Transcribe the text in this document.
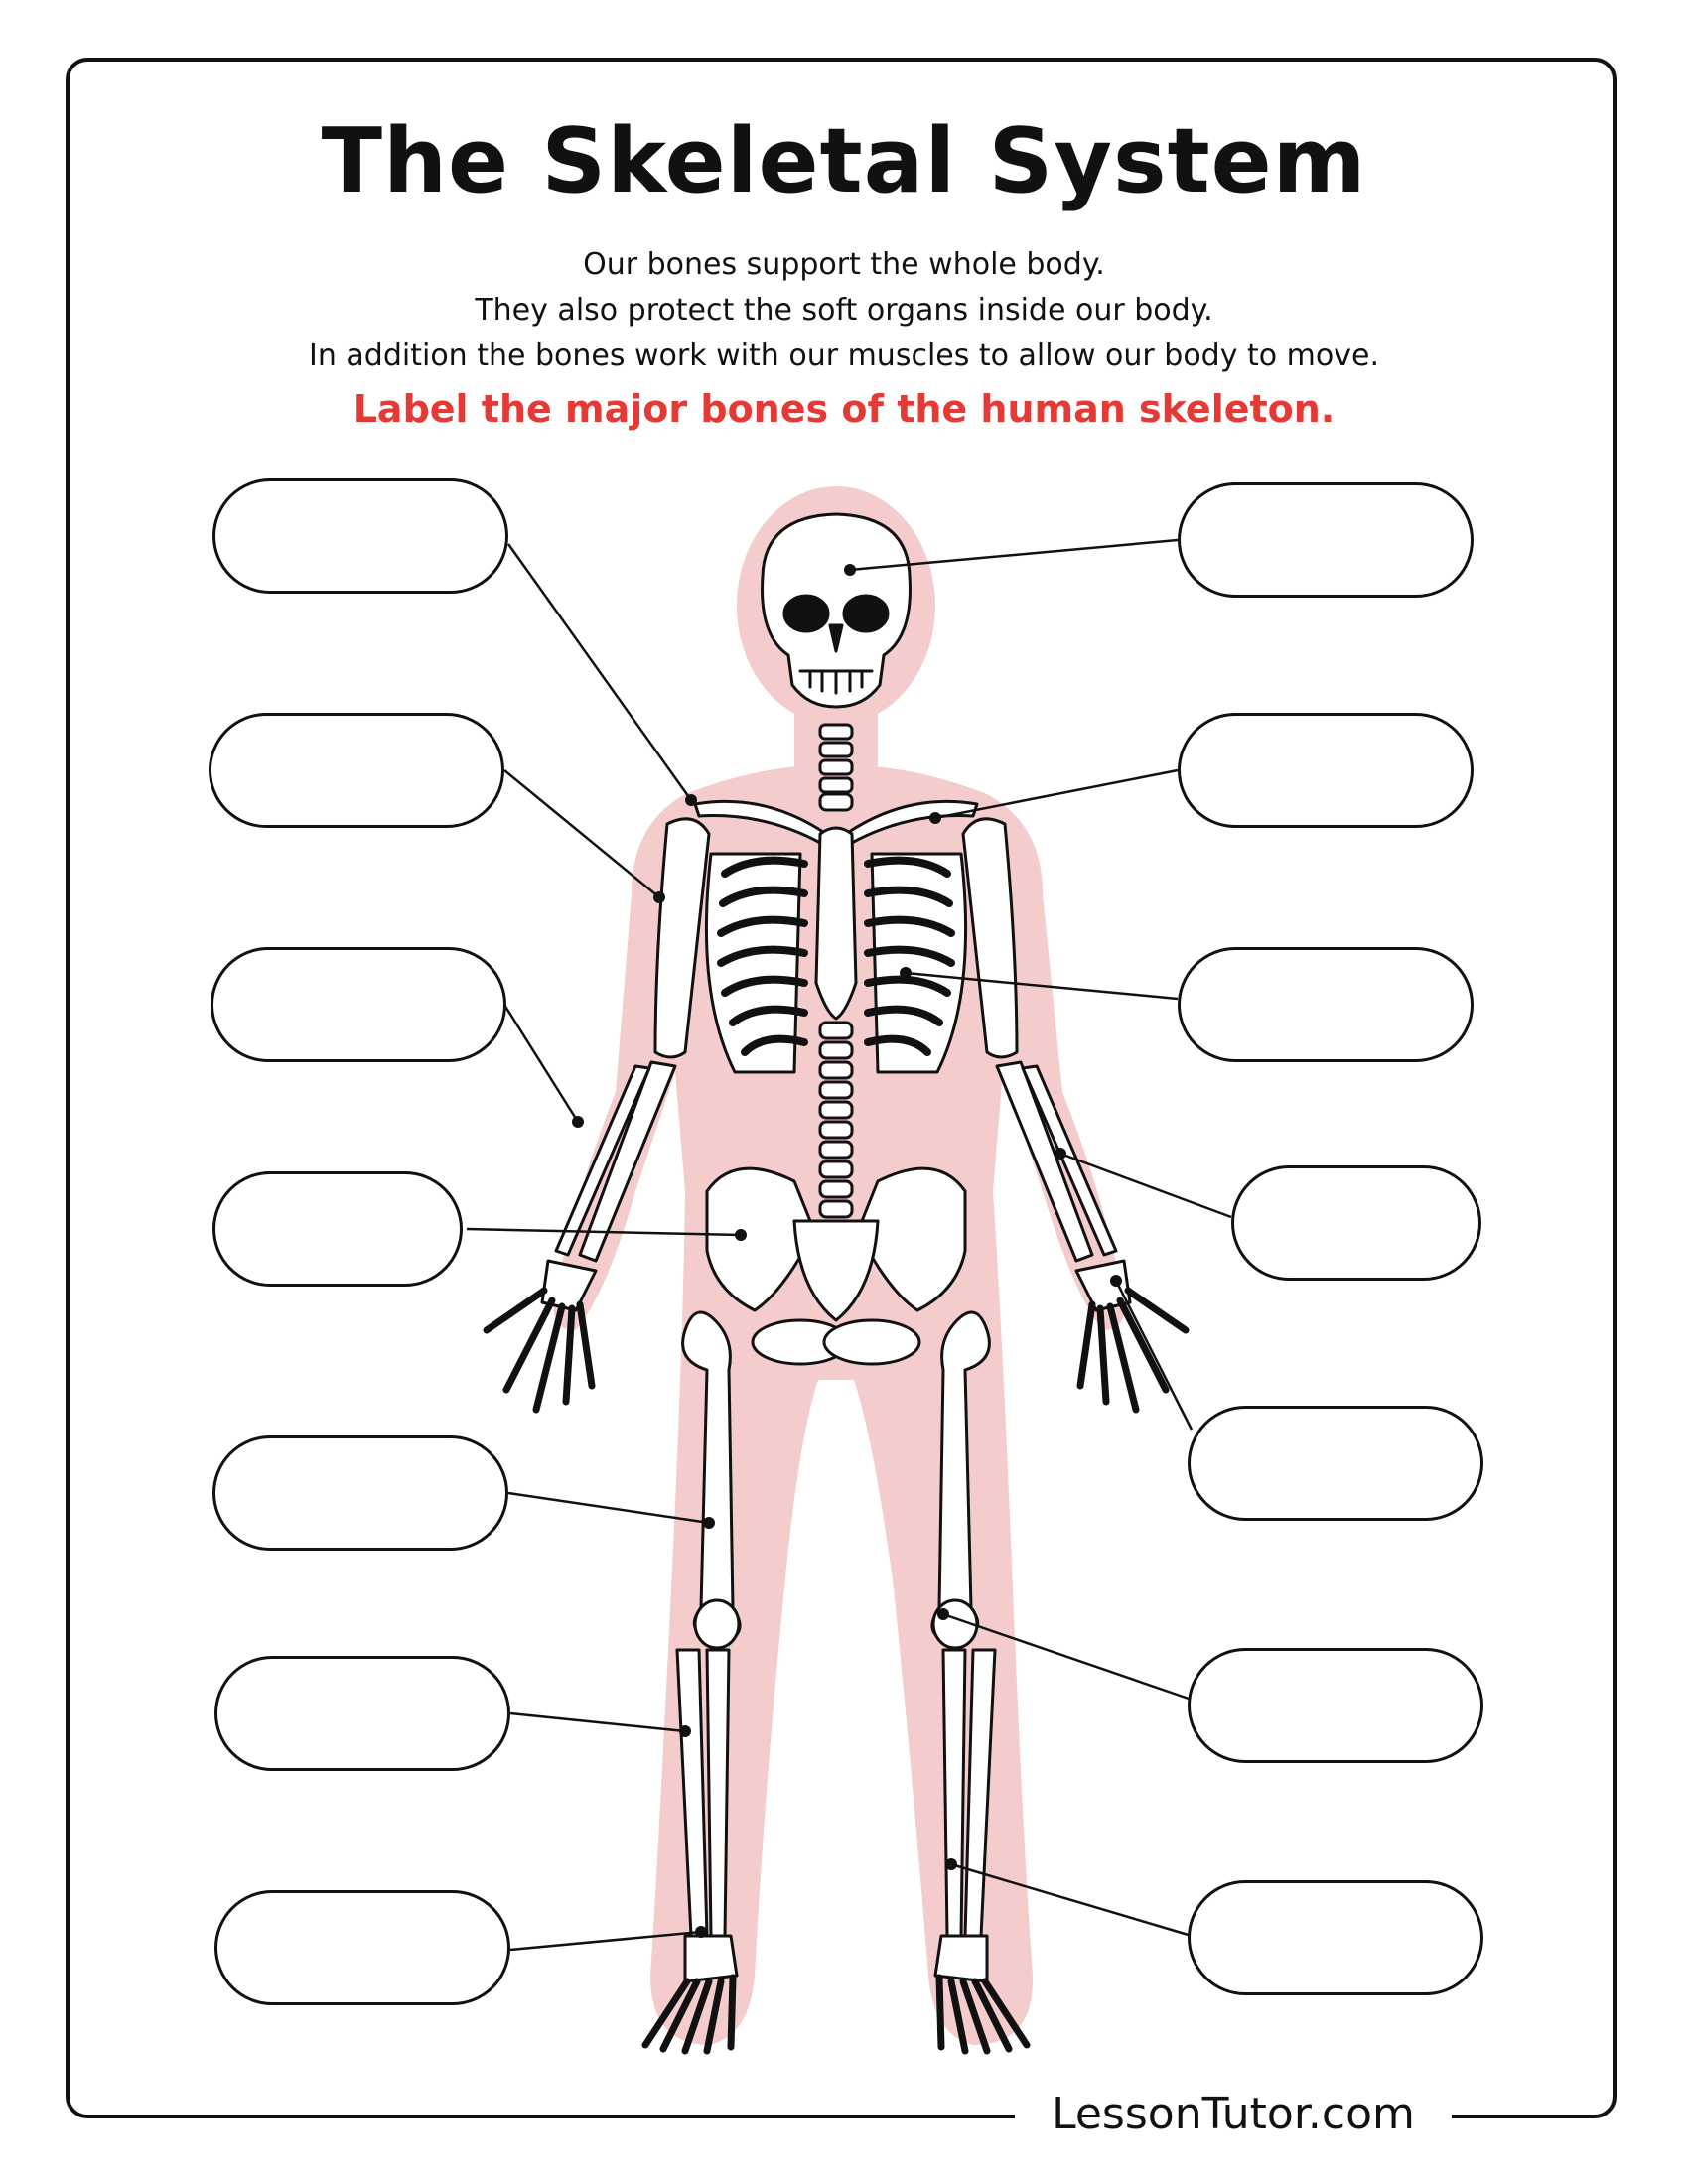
The Skeletal System
Our bones support the whole body.
They also protect the soft organs inside our body.
In addition the bones work with our muscles to allow our body to move.
Label the major bones of the human skeleton.
LessonTutor.com
